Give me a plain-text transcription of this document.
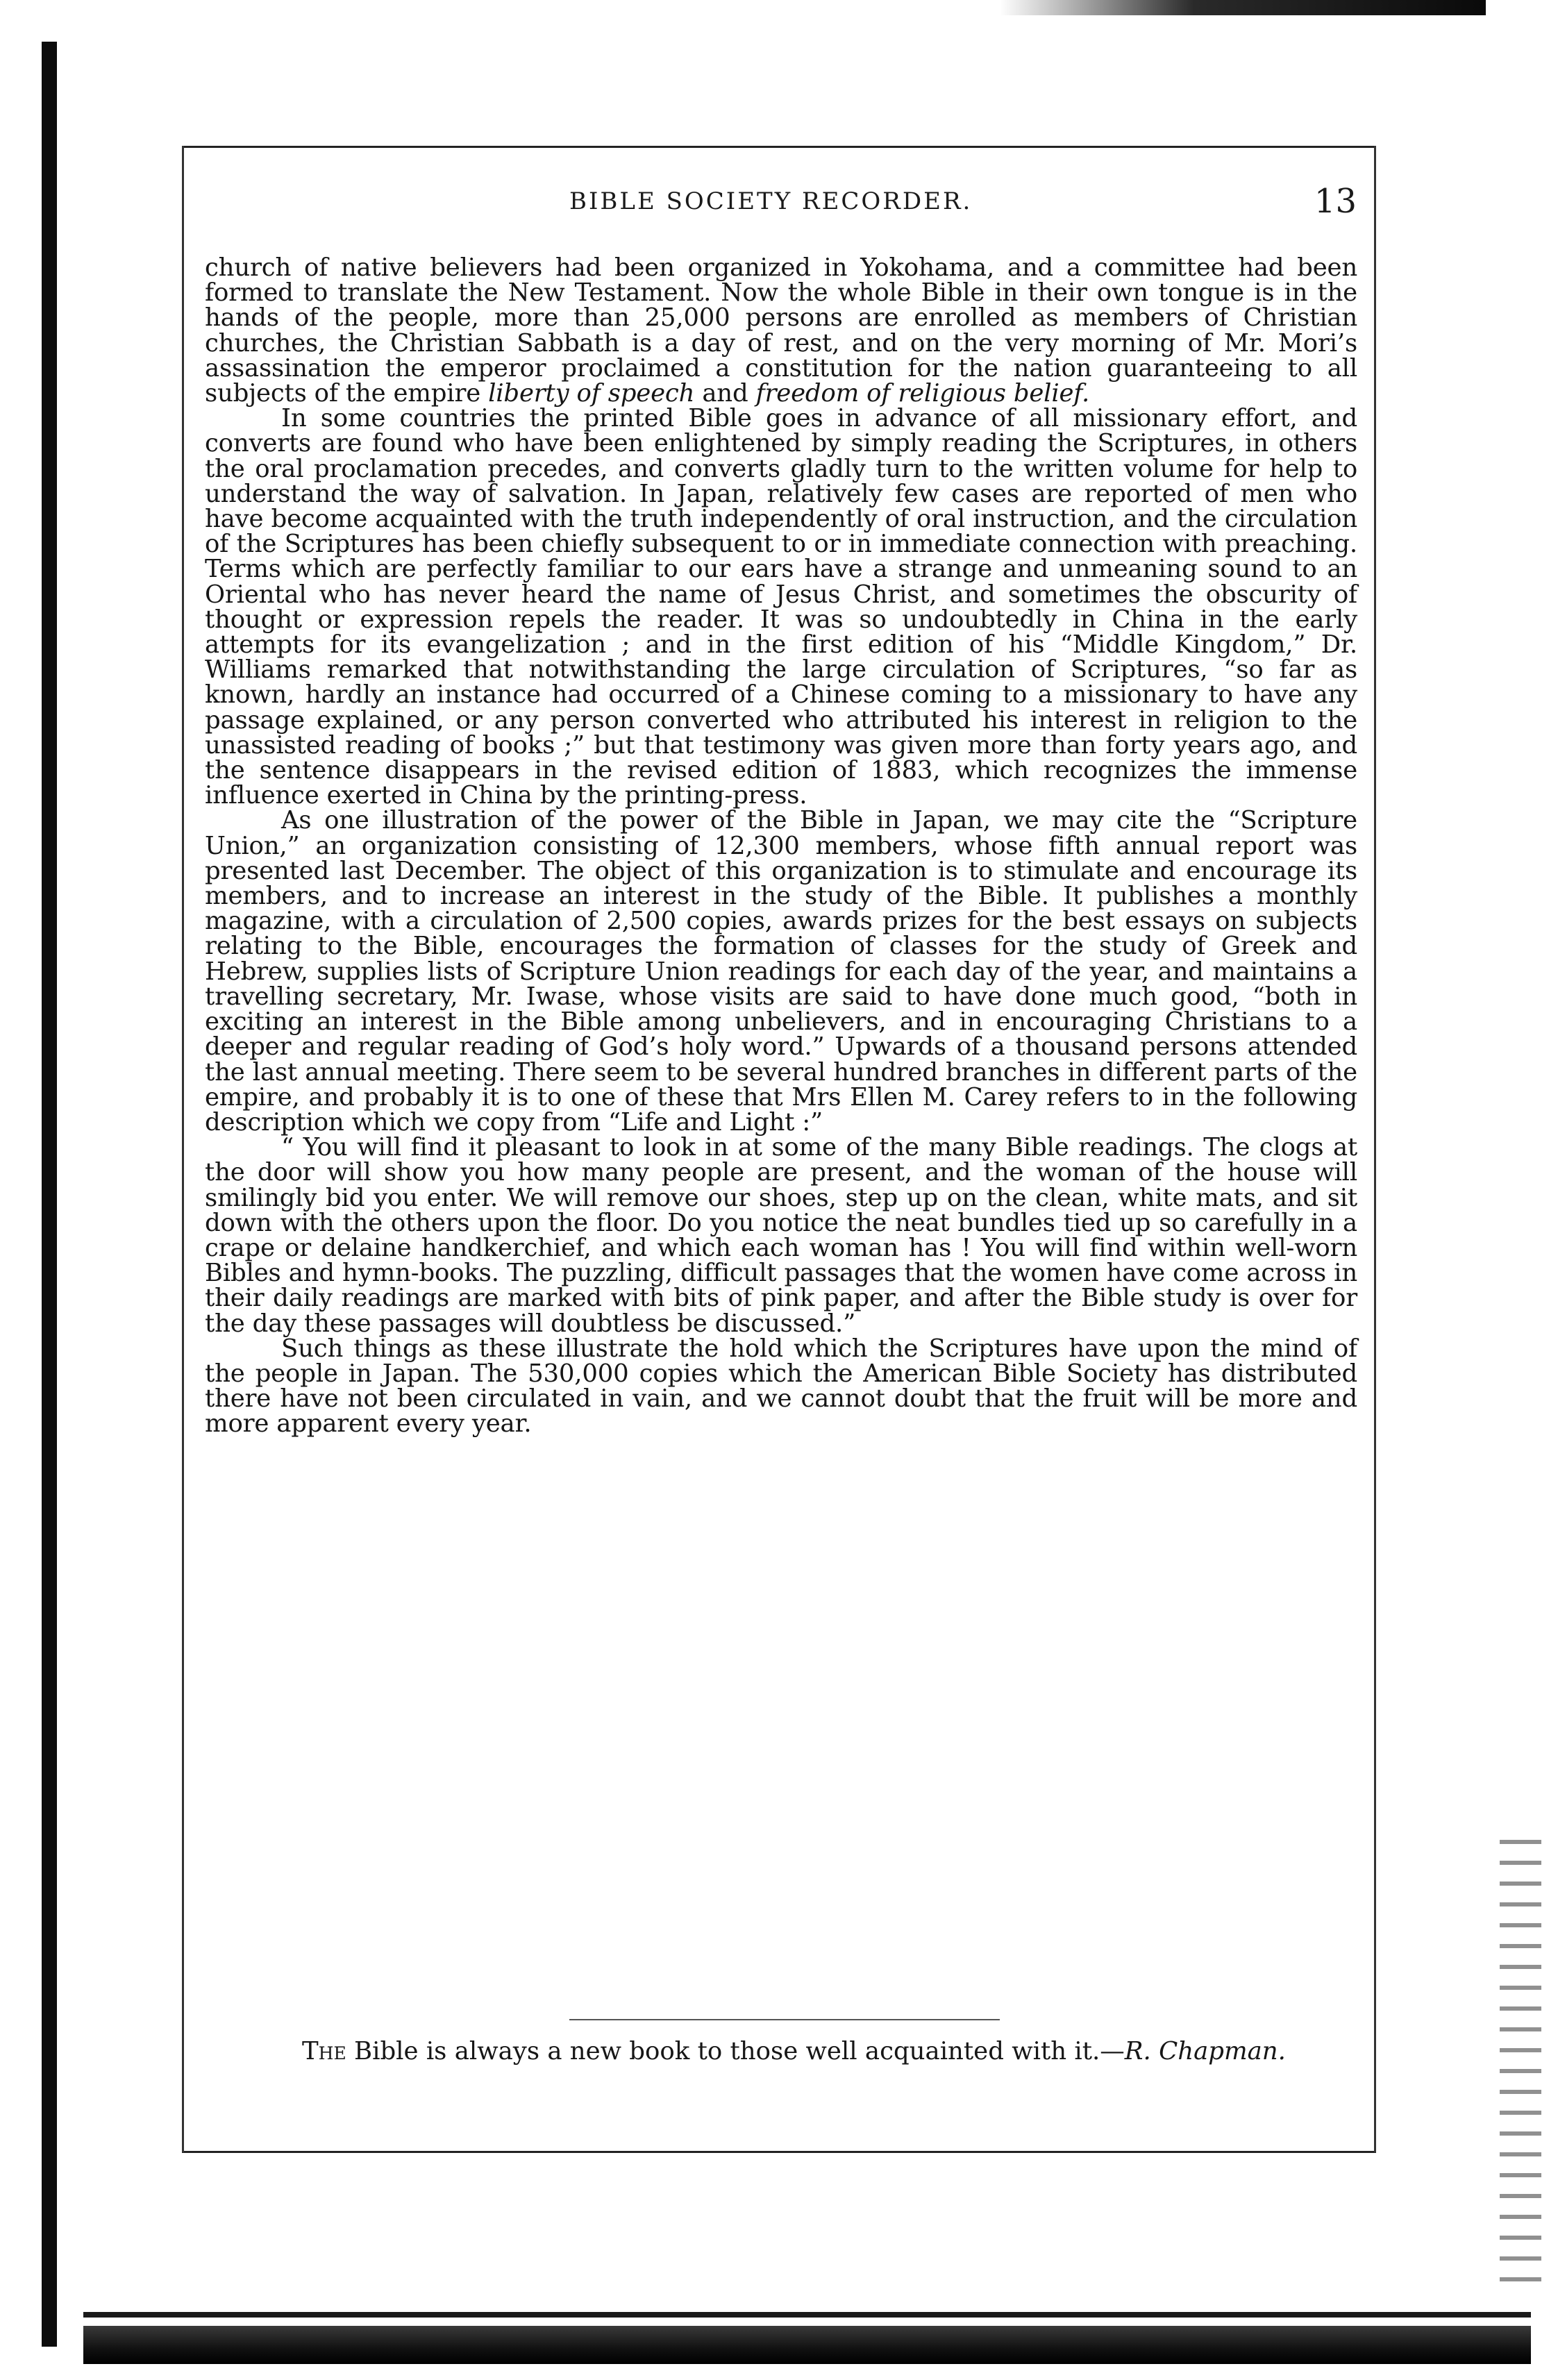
BIBLE SOCIETY RECORDER.	13

church of native believers had been organized in Yokohama, and a committee had been formed to translate the New Testament. Now the whole Bible in their own tongue is in the hands of the people, more than 25,000 persons are enrolled as members of Christian churches, the Christian Sabbath is a day of rest, and on the very morning of Mr. Mori’s assassination the emperor proclaimed a constitution for the nation guaranteeing to all subjects of the empire liberty of speech and freedom of religious belief.

In some countries the printed Bible goes in advance of all missionary effort, and converts are found who have been enlightened by simply reading the Scriptures, in others the oral proclamation precedes, and converts gladly turn to the written volume for help to understand the way of salvation. In Japan, relatively few cases are reported of men who have become acquainted with the truth independently of oral instruction, and the circulation of the Scriptures has been chiefly subsequent to or in immediate connection with preaching. Terms which are perfectly familiar to our ears have a strange and unmeaning sound to an Oriental who has never heard the name of Jesus Christ, and sometimes the obscurity of thought or expression repels the reader. It was so undoubtedly in China in the early attempts for its evangelization ; and in the first edition of his “Middle Kingdom,” Dr. Williams remarked that notwithstanding the large circulation of Scriptures, “so far as known, hardly an instance had occurred of a Chinese coming to a missionary to have any passage explained, or any person converted who attributed his interest in religion to the unassisted reading of books ;” but that testimony was given more than forty years ago, and the sentence disappears in the revised edition of 1883, which recognizes the immense influence exerted in China by the printing-press.

As one illustration of the power of the Bible in Japan, we may cite the “Scripture Union,” an organization consisting of 12,300 members, whose fifth annual report was presented last December. The object of this organization is to stimulate and encourage its members, and to increase an interest in the study of the Bible. It publishes a monthly magazine, with a circulation of 2,500 copies, awards prizes for the best essays on subjects relating to the Bible, encourages the formation of classes for the study of Greek and Hebrew, supplies lists of Scripture Union readings for each day of the year, and maintains a travelling secretary, Mr. Iwase, whose visits are said to have done much good, “both in exciting an interest in the Bible among unbelievers, and in encouraging Christians to a deeper and regular reading of God’s holy word.” Upwards of a thousand persons attended the last annual meeting. There seem to be several hundred branches in different parts of the empire, and probably it is to one of these that Mrs Ellen M. Carey refers to in the following description which we copy from “Life and Light :”

“ You will find it pleasant to look in at some of the many Bible readings. The clogs at the door will show you how many people are present, and the woman of the house will smilingly bid you enter. We will remove our shoes, step up on the clean, white mats, and sit down with the others upon the floor. Do you notice the neat bundles tied up so carefully in a crape or delaine handkerchief, and which each woman has ! You will find within well-worn Bibles and hymn-books. The puzzling, difficult passages that the women have come across in their daily readings are marked with bits of pink paper, and after the Bible study is over for the day these passages will doubtless be discussed.”

Such things as these illustrate the hold which the Scriptures have upon the mind of the people in Japan. The 530,000 copies which the American Bible Society has distributed there have not been circulated in vain, and we cannot doubt that the fruit will be more and more apparent every year.

The Bible is always a new book to those well acquainted with it.—R. Chapman.
